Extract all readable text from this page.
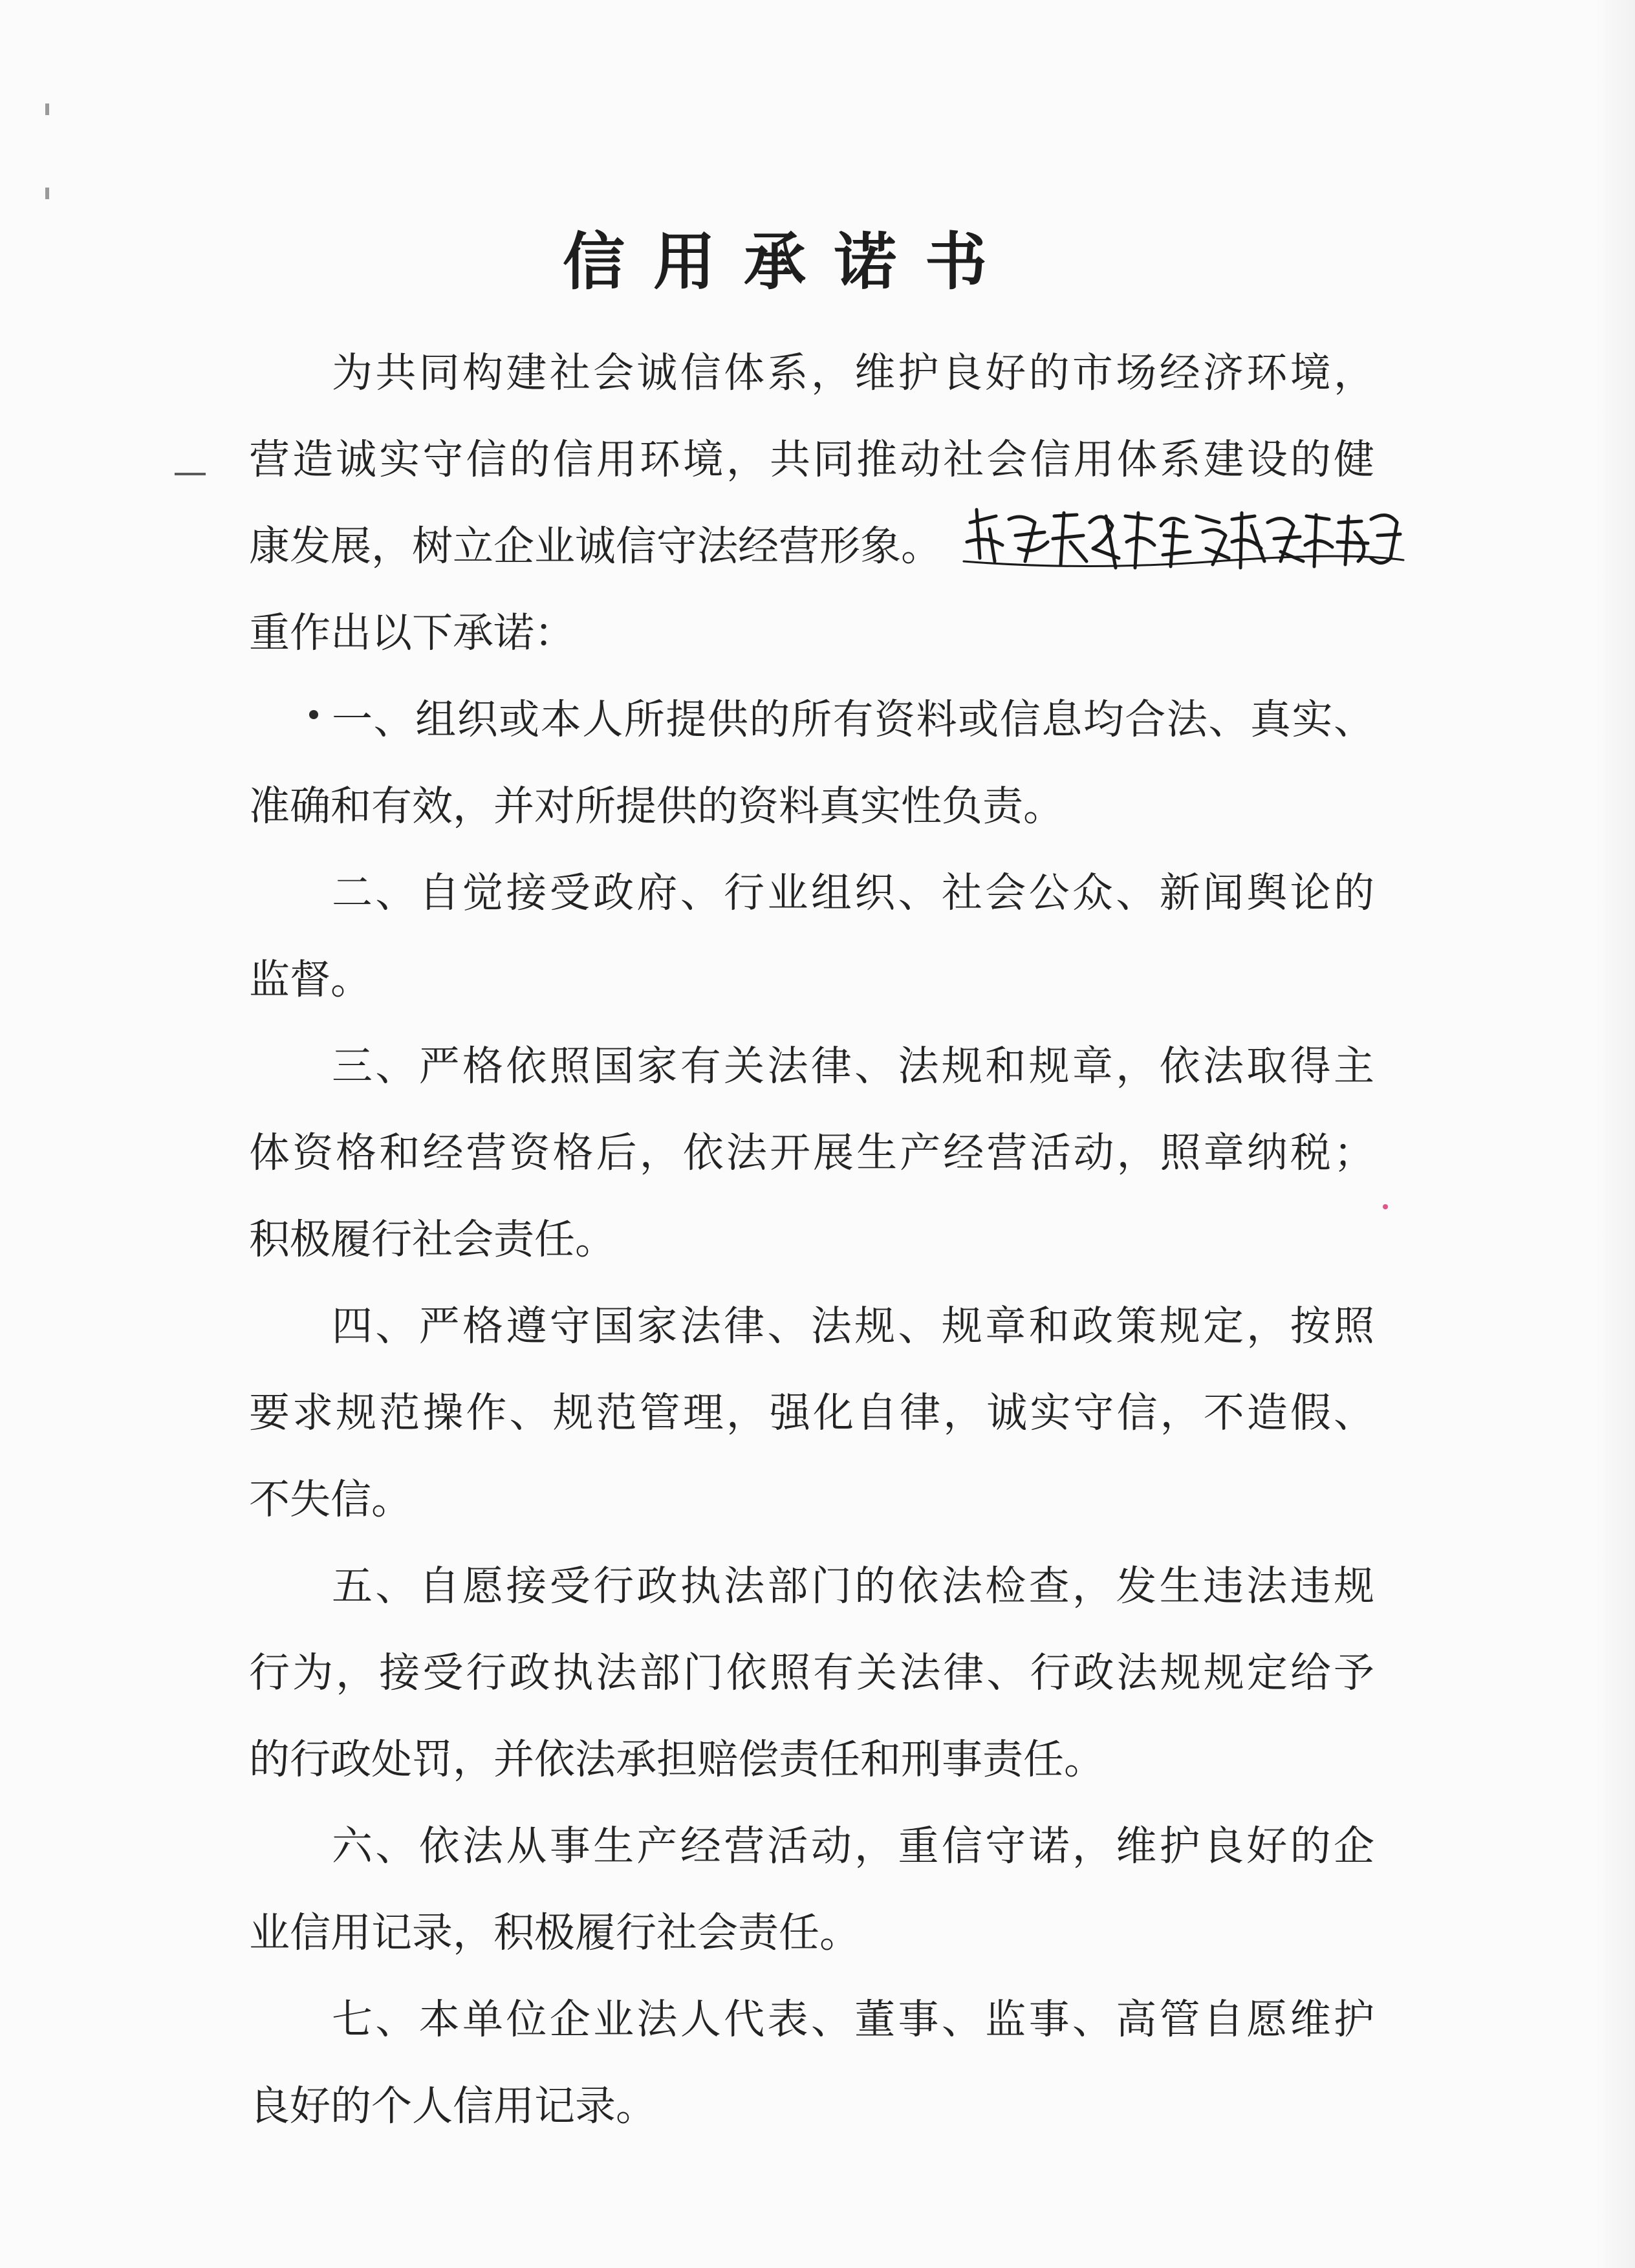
信用承诺书
为共同构建社会诚信体系，维护良好的市场经济环境，
营造诚实守信的信用环境，共同推动社会信用体系建设的健
康发展，树立企业诚信守法经营形象。
重作出以下承诺：
一、组织或本人所提供的所有资料或信息均合法、真实、
准确和有效，并对所提供的资料真实性负责。
二、自觉接受政府、行业组织、社会公众、新闻舆论的
监督。
三、严格依照国家有关法律、法规和规章，依法取得主
体资格和经营资格后，依法开展生产经营活动，照章纳税；
积极履行社会责任。
四、严格遵守国家法律、法规、规章和政策规定，按照
要求规范操作、规范管理，强化自律，诚实守信，不造假、
不失信。
五、自愿接受行政执法部门的依法检查，发生违法违规
行为，接受行政执法部门依照有关法律、行政法规规定给予
的行政处罚，并依法承担赔偿责任和刑事责任。
六、依法从事生产经营活动，重信守诺，维护良好的企
业信用记录，积极履行社会责任。
七、本单位企业法人代表、董事、监事、高管自愿维护
良好的个人信用记录。
